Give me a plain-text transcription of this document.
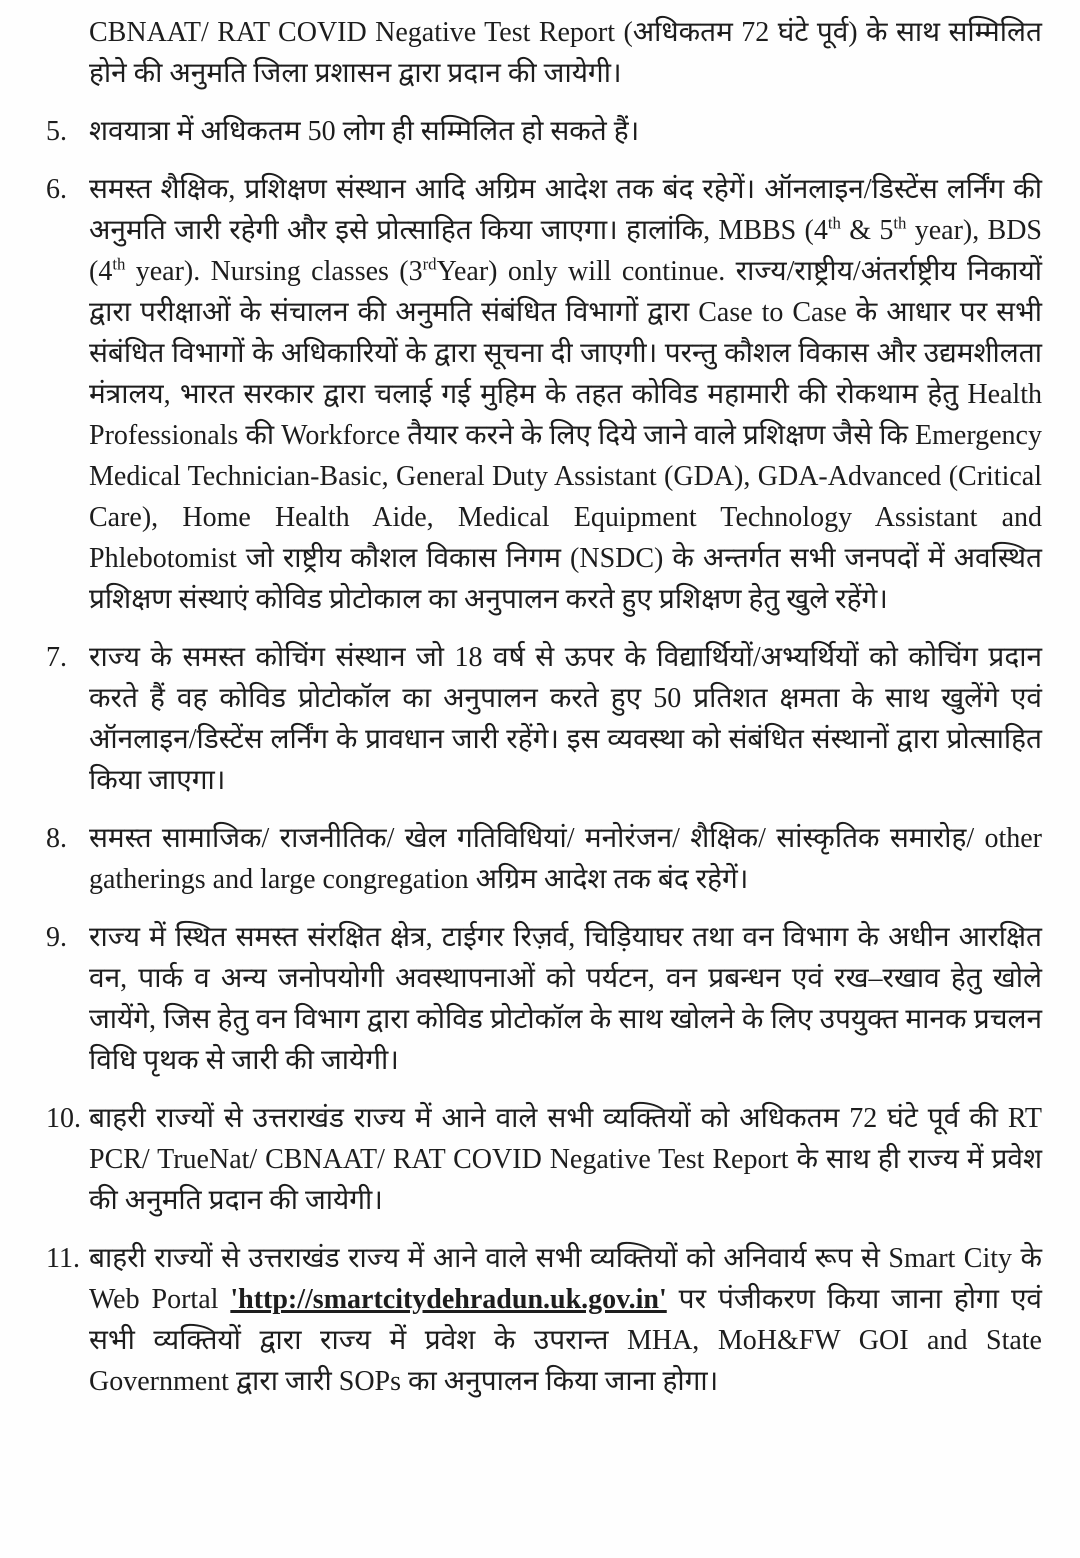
CBNAAT/ RAT COVID Negative Test Report (अधिकतम 72 घंटे पूर्व) के साथ सम्मिलित होने की अनुमति जिला प्रशासन द्वारा प्रदान की जायेगी।

5. शवयात्रा में अधिकतम 50 लोग ही सम्मिलित हो सकते हैं।

6. समस्त शैक्षिक, प्रशिक्षण संस्थान आदि अग्रिम आदेश तक बंद रहेगें। ऑनलाइन/डिस्टेंस लर्निंग की अनुमति जारी रहेगी और इसे प्रोत्साहित किया जाएगा। हालांकि, MBBS (4th & 5th year), BDS (4th year). Nursing classes (3rdYear) only will continue. राज्य/राष्ट्रीय/अंतर्राष्ट्रीय निकायों द्वारा परीक्षाओं के संचालन की अनुमति संबंधित विभागों द्वारा Case to Case के आधार पर सभी संबंधित विभागों के अधिकारियों के द्वारा सूचना दी जाएगी। परन्तु कौशल विकास और उद्यमशीलता मंत्रालय, भारत सरकार द्वारा चलाई गई मुहिम के तहत कोविड महामारी की रोकथाम हेतु Health Professionals की Workforce तैयार करने के लिए दिये जाने वाले प्रशिक्षण जैसे कि Emergency Medical Technician-Basic, General Duty Assistant (GDA), GDA-Advanced (Critical Care), Home Health Aide, Medical Equipment Technology Assistant and Phlebotomist जो राष्ट्रीय कौशल विकास निगम (NSDC) के अन्तर्गत सभी जनपदों में अवस्थित प्रशिक्षण संस्थाएं कोविड प्रोटोकाल का अनुपालन करते हुए प्रशिक्षण हेतु खुले रहेंगे।

7. राज्य के समस्त कोचिंग संस्थान जो 18 वर्ष से ऊपर के विद्यार्थियों/अभ्यर्थियों को कोचिंग प्रदान करते हैं वह कोविड प्रोटोकॉल का अनुपालन करते हुए 50 प्रतिशत क्षमता के साथ खुलेंगे एवं ऑनलाइन/डिस्टेंस लर्निंग के प्रावधान जारी रहेंगे। इस व्यवस्था को संबंधित संस्थानों द्वारा प्रोत्साहित किया जाएगा।

8. समस्त सामाजिक/ राजनीतिक/ खेल गतिविधियां/ मनोरंजन/ शैक्षिक/ सांस्कृतिक समारोह/ other gatherings and large congregation अग्रिम आदेश तक बंद रहेगें।

9. राज्य में स्थित समस्त संरक्षित क्षेत्र, टाईगर रिज़र्व, चिड़ियाघर तथा वन विभाग के अधीन आरक्षित वन, पार्क व अन्य जनोपयोगी अवस्थापनाओं को पर्यटन, वन प्रबन्धन एवं रख–रखाव हेतु खोले जायेंगे, जिस हेतु वन विभाग द्वारा कोविड प्रोटोकॉल के साथ खोलने के लिए उपयुक्त मानक प्रचलन विधि पृथक से जारी की जायेगी।

10. बाहरी राज्यों से उत्तराखंड राज्य में आने वाले सभी व्यक्तियों को अधिकतम 72 घंटे पूर्व की RT PCR/ TrueNat/ CBNAAT/ RAT COVID Negative Test Report के साथ ही राज्य में प्रवेश की अनुमति प्रदान की जायेगी।

11. बाहरी राज्यों से उत्तराखंड राज्य में आने वाले सभी व्यक्तियों को अनिवार्य रूप से Smart City के Web Portal 'http://smartcitydehradun.uk.gov.in' पर पंजीकरण किया जाना होगा एवं सभी व्यक्तियों द्वारा राज्य में प्रवेश के उपरान्त MHA, MoH&FW GOI and State Government द्वारा जारी SOPs का अनुपालन किया जाना होगा।
